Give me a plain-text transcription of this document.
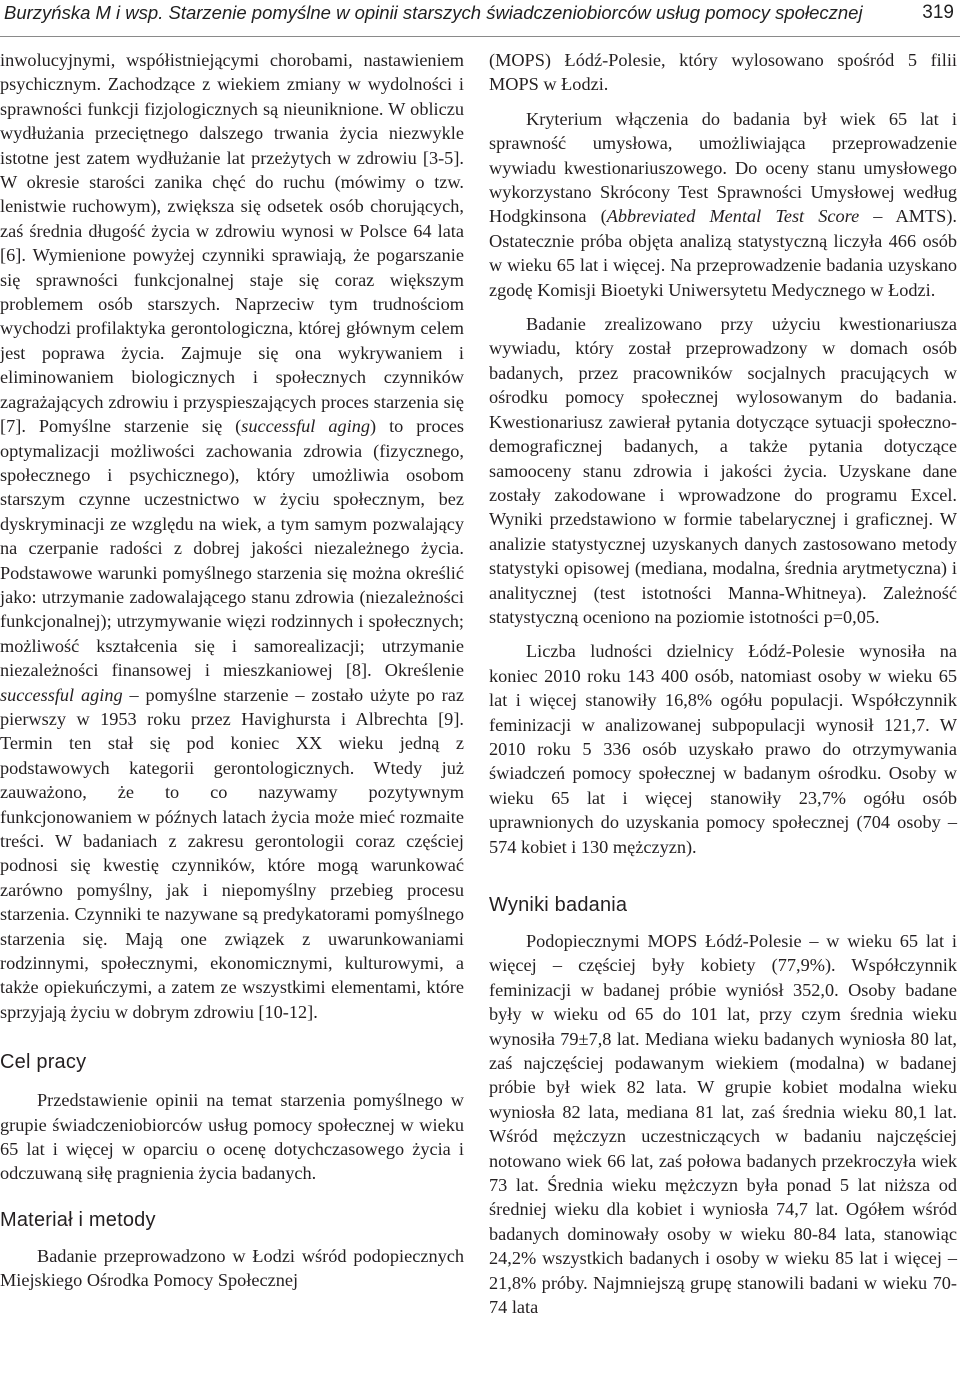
Burzyńska M i wsp. Starzenie pomyślne w opinii starszych świadczeniobiorców usług pomocy społecznej	319

inwolucyjnymi, współistniejącymi chorobami, nastawieniem psychicznym. Zachodzące z wiekiem zmiany w wydolności i sprawności funkcji fizjologicznych są nieuniknione. W obliczu wydłużania przeciętnego dalszego trwania życia niezwykle istotne jest zatem wydłużanie lat przeżytych w zdrowiu [3-5]. W okresie starości zanika chęć do ruchu (mówimy o tzw. lenistwie ruchowym), zwiększa się odsetek osób chorujących, zaś średnia długość życia w zdrowiu wynosi w Polsce 64 lata [6]. Wymienione powyżej czynniki sprawiają, że pogarszanie się sprawności funkcjonalnej staje się coraz większym problemem osób starszych. Naprzeciw tym trudnościom wychodzi profilaktyka gerontologiczna, której głównym celem jest poprawa życia. Zajmuje się ona wykrywaniem i eliminowaniem biologicznych i społecznych czynników zagrażających zdrowiu i przyspieszających proces starzenia się [7]. Pomyślne starzenie się (successful aging) to proces optymalizacji możliwości zachowania zdrowia (fizycznego, społecznego i psychicznego), który umożliwia osobom starszym czynne uczestnictwo w życiu społecznym, bez dyskryminacji ze względu na wiek, a tym samym pozwalający na czerpanie radości z dobrej jakości niezależnego życia. Podstawowe warunki pomyślnego starzenia się można określić jako: utrzymanie zadowalającego stanu zdrowia (niezależności funkcjonalnej); utrzymywanie więzi rodzinnych i społecznych; możliwość kształcenia się i samorealizacji; utrzymanie niezależności finansowej i mieszkaniowej [8]. Określenie successful aging – pomyślne starzenie – zostało użyte po raz pierwszy w 1953 roku przez Havighursta i Albrechta [9]. Termin ten stał się pod koniec XX wieku jedną z podstawowych kategorii gerontologicznych. Wtedy już zauważono, że to co nazywamy pozytywnym funkcjonowaniem w późnych latach życia może mieć rozmaite treści. W badaniach z zakresu gerontologii coraz częściej podnosi się kwestię czynników, które mogą warunkować zarówno pomyślny, jak i niepomyślny przebieg procesu starzenia. Czynniki te nazywane są predykatorami pomyślnego starzenia się. Mają one związek z uwarunkowaniami rodzinnymi, społecznymi, ekonomicznymi, kulturowymi, a także opiekuńczymi, a zatem ze wszystkimi elementami, które sprzyjają życiu w dobrym zdrowiu [10-12].

Cel pracy

Przedstawienie opinii na temat starzenia pomyślnego w grupie świadczeniobiorców usług pomocy społecznej w wieku 65 lat i więcej w oparciu o ocenę dotychczasowego życia i odczuwaną siłę pragnienia życia badanych.

Materiał i metody

Badanie przeprowadzono w Łodzi wśród podopiecznych Miejskiego Ośrodka Pomocy Społecznej

(MOPS) Łódź-Polesie, który wylosowano spośród 5 filii MOPS w Łodzi.

Kryterium włączenia do badania był wiek 65 lat i sprawność umysłowa, umożliwiająca przeprowadzenie wywiadu kwestionariuszowego. Do oceny stanu umysłowego wykorzystano Skrócony Test Sprawności Umysłowej według Hodgkinsona (Abbreviated Mental Test Score – AMTS). Ostatecznie próba objęta analizą statystyczną liczyła 466 osób w wieku 65 lat i więcej. Na przeprowadzenie badania uzyskano zgodę Komisji Bioetyki Uniwersytetu Medycznego w Łodzi.

Badanie zrealizowano przy użyciu kwestionariusza wywiadu, który został przeprowadzony w domach osób badanych, przez pracowników socjalnych pracujących w ośrodku pomocy społecznej wylosowanym do badania. Kwestionariusz zawierał pytania dotyczące sytuacji społeczno-demograficznej badanych, a także pytania dotyczące samooceny stanu zdrowia i jakości życia. Uzyskane dane zostały zakodowane i wprowadzone do programu Excel. Wyniki przedstawiono w formie tabelarycznej i graficznej. W analizie statystycznej uzyskanych danych zastosowano metody statystyki opisowej (mediana, modalna, średnia arytmetyczna) i analitycznej (test istotności Manna-Whitneya). Zależność statystyczną oceniono na poziomie istotności p=0,05.

Liczba ludności dzielnicy Łódź-Polesie wynosiła na koniec 2010 roku 143 400 osób, natomiast osoby w wieku 65 lat i więcej stanowiły 16,8% ogółu populacji. Współczynnik feminizacji w analizowanej subpopulacji wynosił 121,7. W 2010 roku 5 336 osób uzyskało prawo do otrzymywania świadczeń pomocy społecznej w badanym ośrodku. Osoby w wieku 65 lat i więcej stanowiły 23,7% ogółu osób uprawnionych do uzyskania pomocy społecznej (704 osoby – 574 kobiet i 130 mężczyzn).

Wyniki badania

Podopiecznymi MOPS Łódź-Polesie – w wieku 65 lat i więcej – częściej były kobiety (77,9%). Współczynnik feminizacji w badanej próbie wyniósł 352,0. Osoby badane były w wieku od 65 do 101 lat, przy czym średnia wieku wynosiła 79±7,8 lat. Mediana wieku badanych wyniosła 80 lat, zaś najczęściej podawanym wiekiem (modalna) w badanej próbie był wiek 82 lata. W grupie kobiet modalna wieku wyniosła 82 lata, mediana 81 lat, zaś średnia wieku 80,1 lat. Wśród mężczyzn uczestniczących w badaniu najczęściej notowano wiek 66 lat, zaś połowa badanych przekroczyła wiek 73 lat. Średnia wieku mężczyzn była ponad 5 lat niższa od średniej wieku dla kobiet i wyniosła 74,7 lat. Ogółem wśród badanych dominowały osoby w wieku 80-84 lata, stanowiąc 24,2% wszystkich badanych i osoby w wieku 85 lat i więcej – 21,8% próby. Najmniejszą grupę stanowili badani w wieku 70-74 lata
